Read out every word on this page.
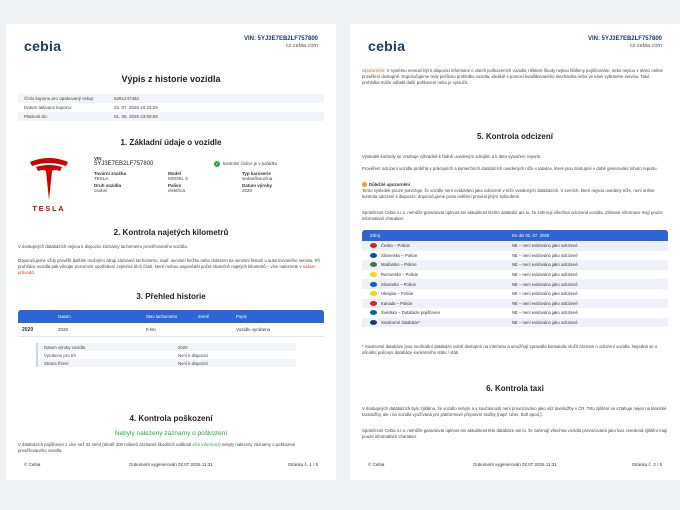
cebia	VIN: 5YJ3E7EB2LF757800
cz.cebia.com
Výpis z historie vozidla
Číslo kuponu pro opakovaný vstup:	5291247482
Datum aktivace kuponu:	02. 07. 2026 10:23:29
Platnost do:	01. 08. 2026 23:59:59
1. Základní údaje o vozidle
TESLA
VIN
5YJ3E7EB2LF757800	✓ kontrolní číslice je v pořádku
Tovární značka
TESLA
Model
MODEL 3
Typ karoserie
sedan/limuzína
Druh vozidla
osobní
Palivo
elektřina
Datum výroby
2020
2. Kontrola najetých kilometrů
V dostupných databázích nejsou k dispozici záznamy tachometru prověřovaného vozidla.
Doporučujeme vždy prověřit dalšími možnými zdroji záznamů tachometru, např. servisní knížku nebo dotazem na servisní historii u autorizovaného servisu. Při prohlídce vozidla pak věnujte pozornost opotřebení zejména těch částí, které mohou napovědět počet skutečně najetých kilometrů – více naleznete v našem průvodci.
3. Přehled historie
Datum	Stav tachometru	Země	Popis
2020	2020	0 km	Vozidlo vyrobeno
Datum výroby vozidla	2020
Vyrobeno pro trh	Není k dispozici
Strana řízení	Není k dispozici
4. Kontrola poškození
Nebyly nalezeny záznamy o poškození
V databázích pojišťoven z více než 32 zemí (téměř 200 milionů záznamů škodních událostí více informací) nebyly nalezeny záznamy o poškození prověřovaného vozidla.
© Cebia	Dokument vygenerován 02.07.2026 11:31	Stránka č. 1 / 5
cebia	VIN: 5YJ3E7EB2LF757800
cz.cebia.com
Upozornění: V systému nemusí být k dispozici informace o všech poškozeních vozidla, některé škody nejsou hlášeny pojišťovnám, nebo nejsou v rámci online prověření dostupné. Doporučujeme tedy pečlivou prohlídku vozidla, ideálně s pomocí kvalifikovaného mechanika nebo ve vámi vybraném servisu. Také prohlídka může odhalit další poškození nebo je vyloučit.
5. Kontrola odcizení
Výsledek kontroly se vztahuje výhradně k řádně uvedeným zdrojům a k datu vytvoření reportu.
Prověření odcizení vozidla probíhá v policejních a komerčních databázích uvedených níže v tabulce, které jsou dostupné v době generování tohoto reportu.
Důležité upozornění
Tento výsledek pouze potvrzuje, že vozidlo není evidováno jako odcizené v níže uvedených databázích. V zemích, které nejsou uvedeny níže, není online kontrola odcizení k dispozici; doporučujeme proto ověření provést jiným způsobem.
Společnost Cebia s.r.o. nemůže garantovat úplnost ani aktuálnost těchto databází ani to, že zahrnují všechna odcizená vozidla. Získané informace mají pouze informativní charakter.
Zdroj	Ke dni 02. 07. 2026
Česko – Policie	NE – není evidováno jako odcizené
Slovensko – Policie	NE – není evidováno jako odcizené
Maďarsko – Policie	NE – není evidováno jako odcizené
Rumunsko – Policie	NE – není evidováno jako odcizené
Slovinsko – Policie	NE – není evidováno jako odcizené
Ukrajina – Policie	NE – není evidováno jako odcizené
Kanada – Policie	NE – není evidováno jako odcizené
Švédsko – Databáze pojišťoven	NE – není evidováno jako odcizené
Soukromé databáze*	NE – není evidováno jako odcizené
* Soukromé databáze jsou neoficiální databáze volně dostupné na internetu a umožňují zpravidla komukoliv vložit záznam o odcizení vozidla. Nejedná se o oficiální policejní databáze konkrétního státu / státi.
6. Kontrola taxi
V dostupných databázích bylo zjištěno, že vozidlo nebylo a v současnosti není provozováno jako vůz taxislužby v ČR. Toto zjištění se vztahuje nejen na klasické taxislužby, ale i na vozidla využívaná pro platformové přepravní služby (např. Uber, Bolt apod.).
Společnost Cebia s.r.o. nemůže garantovat úplnost ani aktuálnost této databáze ani to, že zahrnují všechna vozidla provozovaná jako taxi. Uvedená zjištění mají pouze informativní charakter.
© Cebia	Dokument vygenerován 02.07.2026 11:31	Stránka č. 2 / 5
